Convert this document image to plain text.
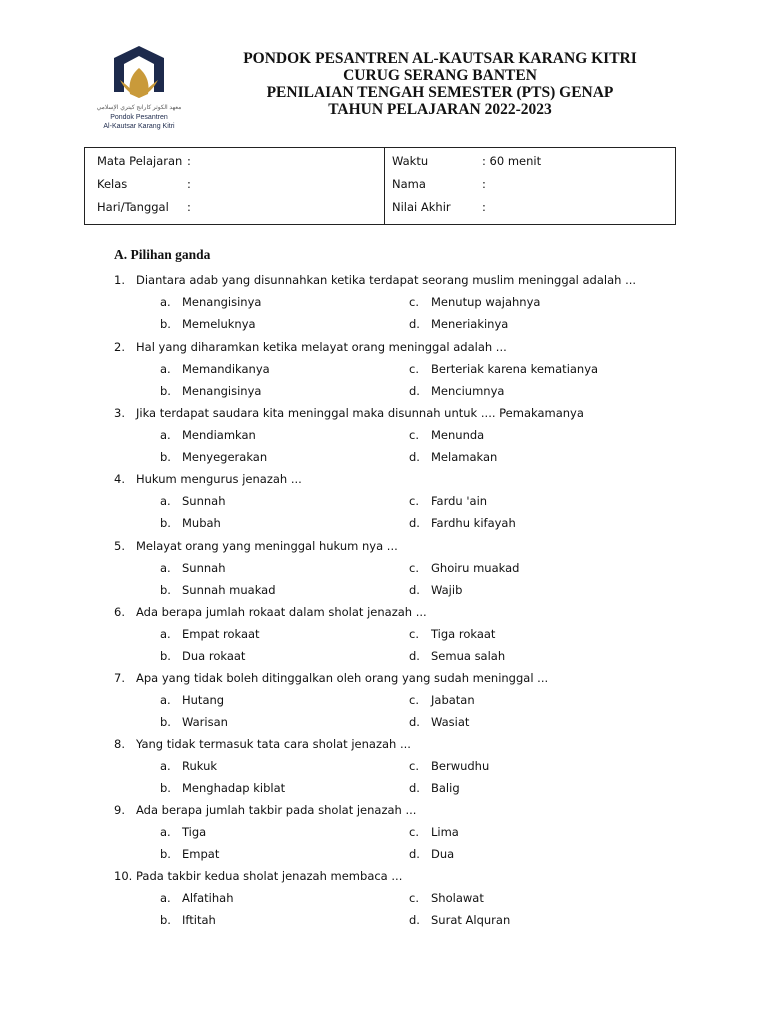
معهد الكوثر كارانج كيتري الإسلامي
Pondok Pesantren
Al-Kautsar Karang Kitri
PONDOK PESANTREN AL-KAUTSAR KARANG KITRI
CURUG SERANG BANTEN
PENILAIAN TENGAH SEMESTER (PTS) GENAP
TAHUN PELAJARAN 2022-2023
Mata Pelajaran :
Kelas	:
Hari/Tanggal :
Waktu	: 60 menit
Nama	:
Nilai Akhir	:
A. Pilihan ganda
1. Diantara adab yang disunnahkan ketika terdapat seorang muslim meninggal adalah ...
a. Menangisinya	c. Menutup wajahnya
b. Memeluknya	d. Meneriakinya
2. Hal yang diharamkan ketika melayat orang meninggal adalah ...
a. Memandikanya	c. Berteriak karena kematianya
b. Menangisinya	d. Menciumnya
3. Jika terdapat saudara kita meninggal maka disunnah untuk .... Pemakamanya
a. Mendiamkan	c. Menunda
b. Menyegerakan	d. Melamakan
4. Hukum mengurus jenazah ...
a. Sunnah	c. Fardu 'ain
b. Mubah	d. Fardhu kifayah
5. Melayat orang yang meninggal hukum nya ...
a. Sunnah	c. Ghoiru muakad
b. Sunnah muakad	d. Wajib
6. Ada berapa jumlah rokaat dalam sholat jenazah ...
a. Empat rokaat	c. Tiga rokaat
b. Dua rokaat	d. Semua salah
7. Apa yang tidak boleh ditinggalkan oleh orang yang sudah meninggal ...
a. Hutang	c. Jabatan
b. Warisan	d. Wasiat
8. Yang tidak termasuk tata cara sholat jenazah ...
a. Rukuk	c. Berwudhu
b. Menghadap kiblat	d. Balig
9. Ada berapa jumlah takbir pada sholat jenazah ...
a. Tiga	c. Lima
b. Empat	d. Dua
10. Pada takbir kedua sholat jenazah membaca ...
a. Alfatihah	c. Sholawat
b. Iftitah	d. Surat Alquran
